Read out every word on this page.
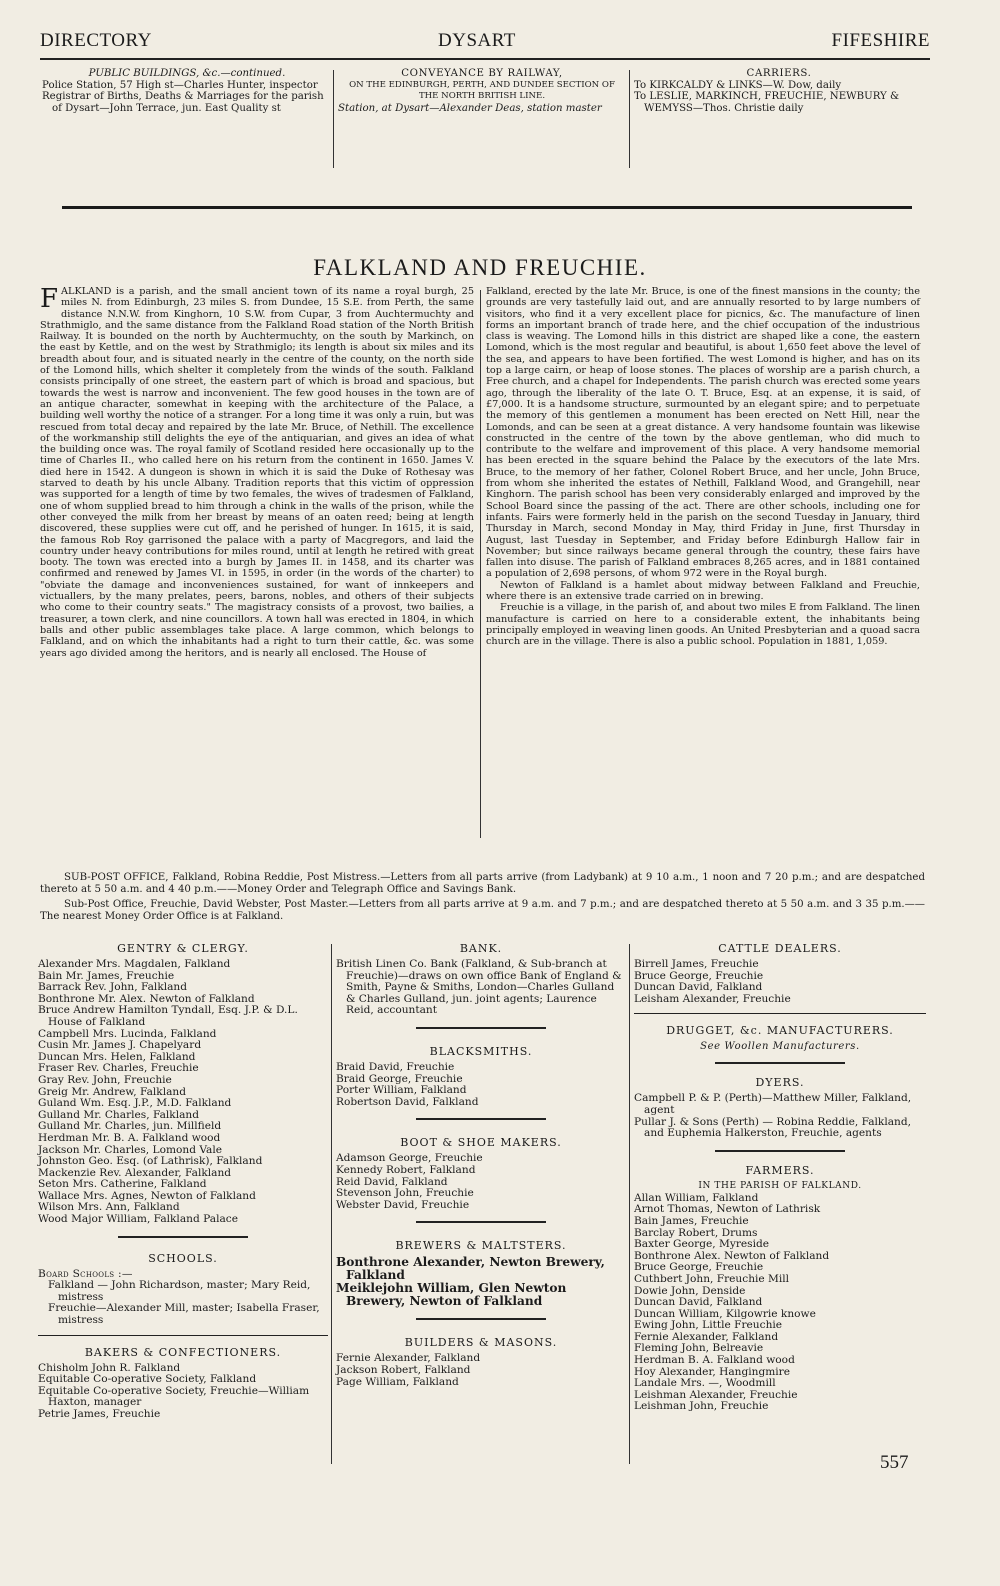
DIRECTORY	DYSART	FIFESHIRE

PUBLIC BUILDINGS, &c.—continued.

Police Station, 57 High st—Charles Hunter, inspector

Registrar of Births, Deaths & Marriages for the parish of Dysart—John Terrace, jun. East Quality st

CONVEYANCE BY RAILWAY,

ON THE EDINBURGH, PERTH, AND DUNDEE SECTION OF THE NORTH BRITISH LINE.

Station, at Dysart—Alexander Deas, station master

CARRIERS.

To KIRKCALDY & LINKS—W. Dow, daily

To LESLIE, MARKINCH, FREUCHIE, NEWBURY & WEMYSS—Thos. Christie daily

FALKLAND AND FREUCHIE.

FALKLAND is a parish, and the small ancient town of its name a royal burgh, 25 miles N. from Edinburgh, 23 miles S. from Dundee, 15 S.E. from Perth, the same distance N.N.W. from Kinghorn, 10 S.W. from Cupar, 3 from Auchtermuchty and Strathmiglo, and the same distance from the Falkland Road station of the North British Railway. It is bounded on the north by Auchtermuchty, on the south by Markinch, on the east by Kettle, and on the west by Strathmiglo; its length is about six miles and its breadth about four, and is situated nearly in the centre of the county, on the north side of the Lomond hills, which shelter it completely from the winds of the south. Falkland consists principally of one street, the eastern part of which is broad and spacious, but towards the west is narrow and inconvenient. The few good houses in the town are of an antique character, somewhat in keeping with the architecture of the Palace, a building well worthy the notice of a stranger. For a long time it was only a ruin, but was rescued from total decay and repaired by the late Mr. Bruce, of Nethill. The excellence of the workmanship still delights the eye of the antiquarian, and gives an idea of what the building once was. The royal family of Scotland resided here occasionally up to the time of Charles II., who called here on his return from the continent in 1650. James V. died here in 1542. A dungeon is shown in which it is said the Duke of Rothesay was starved to death by his uncle Albany. Tradition reports that this victim of oppression was supported for a length of time by two females, the wives of tradesmen of Falkland, one of whom supplied bread to him through a chink in the walls of the prison, while the other conveyed the milk from her breast by means of an oaten reed; being at length discovered, these supplies were cut off, and he perished of hunger. In 1615, it is said, the famous Rob Roy garrisoned the palace with a party of Macgregors, and laid the country under heavy contributions for miles round, until at length he retired with great booty. The town was erected into a burgh by James II. in 1458, and its charter was confirmed and renewed by James VI. in 1595, in order (in the words of the charter) to "obviate the damage and inconveniences sustained, for want of innkeepers and victuallers, by the many prelates, peers, barons, nobles, and others of their subjects who come to their country seats." The magistracy consists of a provost, two bailies, a treasurer, a town clerk, and nine councillors. A town hall was erected in 1804, in which balls and other public assemblages take place. A large common, which belongs to Falkland, and on which the inhabitants had a right to turn their cattle, &c. was some years ago divided among the heritors, and is nearly all enclosed. The House of

Falkland, erected by the late Mr. Bruce, is one of the finest mansions in the county; the grounds are very tastefully laid out, and are annually resorted to by large numbers of visitors, who find it a very excellent place for picnics, &c. The manufacture of linen forms an important branch of trade here, and the chief occupation of the industrious class is weaving. The Lomond hills in this district are shaped like a cone, the eastern Lomond, which is the most regular and beautiful, is about 1,650 feet above the level of the sea, and appears to have been fortified. The west Lomond is higher, and has on its top a large cairn, or heap of loose stones. The places of worship are a parish church, a Free church, and a chapel for Independents. The parish church was erected some years ago, through the liberality of the late O. T. Bruce, Esq. at an expense, it is said, of £7,000. It is a handsome structure, surmounted by an elegant spire; and to perpetuate the memory of this gentlemen a monument has been erected on Nett Hill, near the Lomonds, and can be seen at a great distance. A very handsome fountain was likewise constructed in the centre of the town by the above gentleman, who did much to contribute to the welfare and improvement of this place. A very handsome memorial has been erected in the square behind the Palace by the executors of the late Mrs. Bruce, to the memory of her father, Colonel Robert Bruce, and her uncle, John Bruce, from whom she inherited the estates of Nethill, Falkland Wood, and Grangehill, near Kinghorn. The parish school has been very considerably enlarged and improved by the School Board since the passing of the act. There are other schools, including one for infants. Fairs were formerly held in the parish on the second Tuesday in January, third Thursday in March, second Monday in May, third Friday in June, first Thursday in August, last Tuesday in September, and Friday before Edinburgh Hallow fair in November; but since railways became general through the country, these fairs have fallen into disuse. The parish of Falkland embraces 8,265 acres, and in 1881 contained a population of 2,698 persons, of whom 972 were in the Royal burgh.

Newton of Falkland is a hamlet about midway between Falkland and Freuchie, where there is an extensive trade carried on in brewing.

Freuchie is a village, in the parish of, and about two miles E from Falkland. The linen manufacture is carried on here to a considerable extent, the inhabitants being principally employed in weaving linen goods. An United Presbyterian and a quoad sacra church are in the village. There is also a public school. Population in 1881, 1,059.

SUB-POST OFFICE, Falkland, Robina Reddie, Post Mistress.—Letters from all parts arrive (from Ladybank) at 9 10 a.m., 1 noon and 7 20 p.m.; and are despatched thereto at 5 50 a.m. and 4 40 p.m.——Money Order and Telegraph Office and Savings Bank.

Sub-Post Office, Freuchie, David Webster, Post Master.—Letters from all parts arrive at 9 a.m. and 7 p.m.; and are despatched thereto at 5 50 a.m. and 3 35 p.m.——The nearest Money Order Office is at Falkland.

GENTRY & CLERGY.

Alexander Mrs. Magdalen, Falkland

Bain Mr. James, Freuchie

Barrack Rev. John, Falkland

Bonthrone Mr. Alex. Newton of Falkland

Bruce Andrew Hamilton Tyndall, Esq. J.P. & D.L. House of Falkland

Campbell Mrs. Lucinda, Falkland

Cusin Mr. James J. Chapelyard

Duncan Mrs. Helen, Falkland

Fraser Rev. Charles, Freuchie

Gray Rev. John, Freuchie

Greig Mr. Andrew, Falkland

Guland Wm. Esq. J.P., M.D. Falkland

Gulland Mr. Charles, Falkland

Gulland Mr. Charles, jun. Millfield

Herdman Mr. B. A. Falkland wood

Jackson Mr. Charles, Lomond Vale

Johnston Geo. Esq. (of Lathrisk), Falkland

Mackenzie Rev. Alexander, Falkland

Seton Mrs. Catherine, Falkland

Wallace Mrs. Agnes, Newton of Falkland

Wilson Mrs. Ann, Falkland

Wood Major William, Falkland Palace

SCHOOLS.

Board Schools :—

Falkland — John Richardson, master; Mary Reid, mistress

Freuchie—Alexander Mill, master; Isabella Fraser, mistress

BAKERS & CONFECTIONERS.

Chisholm John R. Falkland

Equitable Co-operative Society, Falkland

Equitable Co-operative Society, Freuchie—William Haxton, manager

Petrie James, Freuchie

BANK.

British Linen Co. Bank (Falkland, & Sub-branch at Freuchie)—draws on own office Bank of England & Smith, Payne & Smiths, London—Charles Gulland & Charles Gulland, jun. joint agents; Laurence Reid, accountant

BLACKSMITHS.

Braid David, Freuchie

Braid George, Freuchie

Porter William, Falkland

Robertson David, Falkland

BOOT & SHOE MAKERS.

Adamson George, Freuchie

Kennedy Robert, Falkland

Reid David, Falkland

Stevenson John, Freuchie

Webster David, Freuchie

BREWERS & MALTSTERS.

Bonthrone Alexander, Newton Brewery, Falkland

Meiklejohn William, Glen Newton Brewery, Newton of Falkland

BUILDERS & MASONS.

Fernie Alexander, Falkland

Jackson Robert, Falkland

Page William, Falkland

CATTLE DEALERS.

Birrell James, Freuchie

Bruce George, Freuchie

Duncan David, Falkland

Leisham Alexander, Freuchie

DRUGGET, &c. MANUFACTURERS.
See Woollen Manufacturers.
DYERS.

Campbell P. & P. (Perth)—Matthew Miller, Falkland, agent

Pullar J. & Sons (Perth) — Robina Reddie, Falkland, and Euphemia Halkerston, Freuchie, agents

FARMERS.
IN THE PARISH OF FALKLAND.

Allan William, Falkland

Arnot Thomas, Newton of Lathrisk

Bain James, Freuchie

Barclay Robert, Drums

Baxter George, Myreside

Bonthrone Alex. Newton of Falkland

Bruce George, Freuchie

Cuthbert John, Freuchie Mill

Dowie John, Denside

Duncan David, Falkland

Duncan William, Kilgowrie knowe

Ewing John, Little Freuchie

Fernie Alexander, Falkland

Fleming John, Belreavie

Herdman B. A. Falkland wood

Hoy Alexander, Hangingmire

Landale Mrs. —, Woodmill

Leishman Alexander, Freuchie

Leishman John, Freuchie

557
